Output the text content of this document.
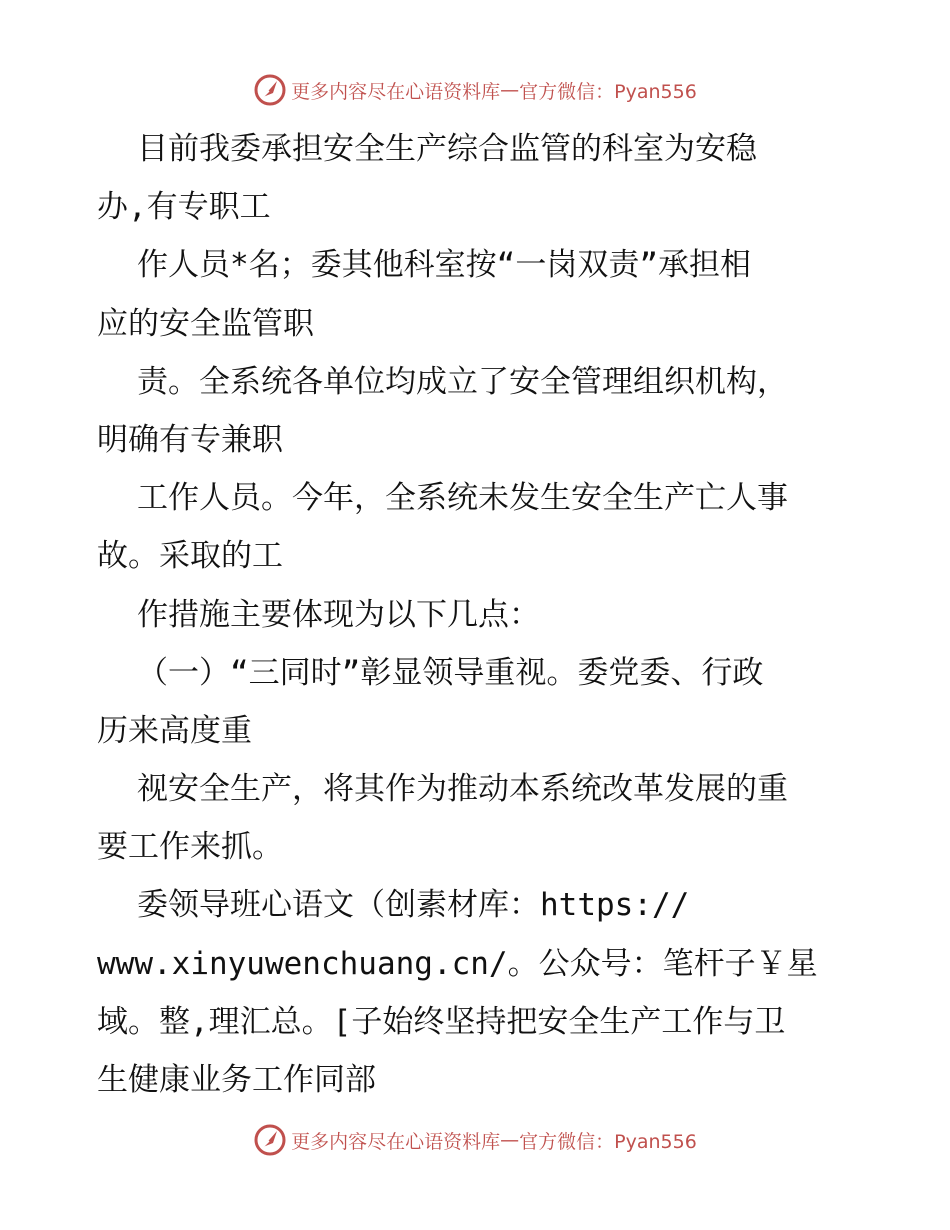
更多内容尽在心语资料库 — 官方微信：Pyan556
目前我委承担安全生产综合监管的科室为安稳
办,有专职工
作人员*名；委其他科室按“一岗双责”承担相
应的安全监管职
责。全系统各单位均成立了安全管理组织机构，
明确有专兼职
工作人员。今年，全系统未发生安全生产亡人事
故。采取的工
作措施主要体现为以下几点：
（一）“三同时”彰显领导重视。委党委、行政
历来高度重
视安全生产，将其作为推动本系统改革发展的重
要工作来抓。
委领导班心语文（创素材库：https://
www.xinyuwenchuang.cn/。公众号：笔杆子￥星
域。整,理汇总。[子始终坚持把安全生产工作与卫
生健康业务工作同部
更多内容尽在心语资料库 — 官方微信：Pyan556
